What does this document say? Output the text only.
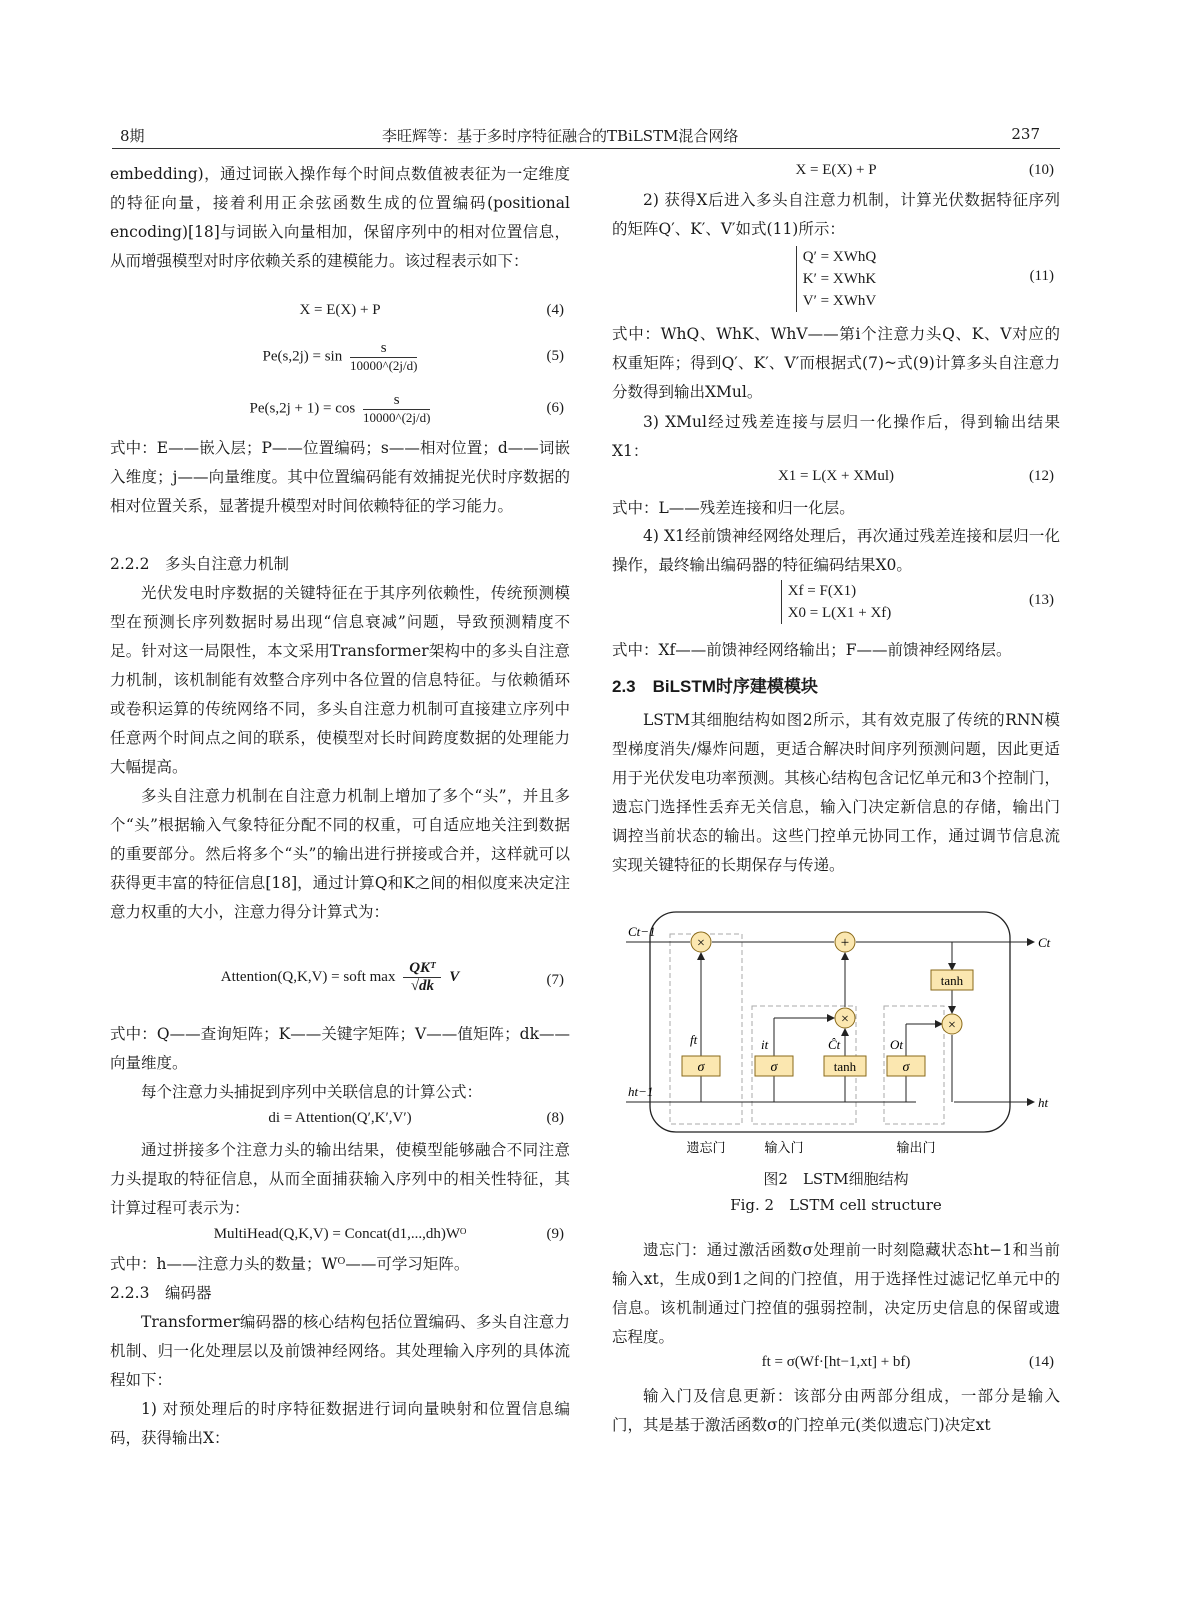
8期	李旺辉等：基于多时序特征融合的TBiLSTM混合网络	237
embedding)，通过词嵌入操作每个时间点数值被表征为一定维度的特征向量，接着利用正余弦函数生成的位置编码(positional encoding)[18]与词嵌入向量相加，保留序列中的相对位置信息，从而增强模型对时序依赖关系的建模能力。该过程表示如下：
X = E(X) + P	(4)
$Pe(s,2j) = \sin \frac{s}{10000\^{}(2j/d)}$	(5)
$Pe(s,2j + 1) = \cos \frac{s}{10000\^{}(2j/d)}$	(6)
式中：E——嵌入层；P——位置编码；s——相对位置；d——词嵌入维度；j——向量维度。其中位置编码能有效捕捉光伏时序数据的相对位置关系，显著提升模型对时间依赖特征的学习能力。
2.2.2　多头自注意力机制
光伏发电时序数据的关键特征在于其序列依赖性，传统预测模型在预测长序列数据时易出现“信息衰减”问题，导致预测精度不足。针对这一局限性，本文采用Transformer架构中的多头自注意力机制，该机制能有效整合序列中各位置的信息特征。与依赖循环或卷积运算的传统网络不同，多头自注意力机制可直接建立序列中任意两个时间点之间的联系，使模型对长时间跨度数据的处理能力大幅提高。
多头自注意力机制在自注意力机制上增加了多个“头”，并且多个“头”根据输入气象特征分配不同的权重，可自适应地关注到数据的重要部分。然后将多个“头”的输出进行拼接或合并，这样就可以获得更丰富的特征信息[18]，通过计算Q和K之间的相似度来决定注意力权重的大小，注意力得分计算式为：
Attention(Q,K,V) = soft max
QKᵀ
√dk
V	(7)
式中：Q——查询矩阵；K——关键字矩阵；V——值矩阵；dk——向量维度。
每个注意力头捕捉到序列中关联信息的计算公式：
di = Attention(Q′,K′,V′)	(8)
通过拼接多个注意力头的输出结果，使模型能够融合不同注意力头提取的特征信息，从而全面捕获输入序列中的相关性特征，其计算过程可表示为：
MultiHead(Q,K,V) = Concat(d1,...,dh)Wᴼ	(9)
式中：h——注意力头的数量；Wᴼ——可学习矩阵。
2.2.3　编码器
Transformer编码器的核心结构包括位置编码、多头自注意力机制、归一化处理层以及前馈神经网络。其处理输入序列的具体流程如下：
1) 对预处理后的时序特征数据进行词向量映射和位置信息编码，获得输出X：
X = E(X) + P	(10)
2) 获得X后进入多头自注意力机制，计算光伏数据特征序列的矩阵Q′、K′、V′如式(11)所示：
Q′ = XWhQ
K′ = XWhK
V′ = XWhV
(11)
式中：WhQ、WhK、WhV——第i个注意力头Q、K、V对应的权重矩阵；得到Q′、K′、V′而根据式(7)~式(9)计算多头自注意力分数得到输出XMul。
3) XMul经过残差连接与层归一化操作后，得到输出结果X1：
X1 = L(X + XMul)	(12)
式中：L——残差连接和归一化层。
4) X1经前馈神经网络处理后，再次通过残差连接和层归一化操作，最终输出编码器的特征编码结果X0。
Xf = F(X1)
X0 = L(X1 + Xf)
(13)
式中：Xf——前馈神经网络输出；F——前馈神经网络层。
2.3　BiLSTM时序建模模块
LSTM其细胞结构如图2所示，其有效克服了传统的RNN模型梯度消失/爆炸问题，更适合解决时间序列预测问题，因此更适用于光伏发电功率预测。其核心结构包含记忆单元和3个控制门，遗忘门选择性丢弃无关信息，输入门决定新信息的存储，输出门调控当前状态的输出。这些门控单元协同工作，通过调节信息流实现关键特征的长期保存与传递。
×	+
×	×
σ	σ	tanh	σ
tanh
Ct−1
Ct
ht−1
ht
ft	it	Ĉt	Ot
遗忘门	输入门	输出门
图2　LSTM细胞结构
Fig. 2　LSTM cell structure
遗忘门：通过激活函数σ处理前一时刻隐藏状态ht−1和当前输入xt，生成0到1之间的门控值，用于选择性过滤记忆单元中的信息。该机制通过门控值的强弱控制，决定历史信息的保留或遗忘程度。
ft = σ(Wf·[ht−1,xt] + bf)	(14)
输入门及信息更新：该部分由两部分组成，一部分是输入门，其是基于激活函数σ的门控单元(类似遗忘门)决定xt
